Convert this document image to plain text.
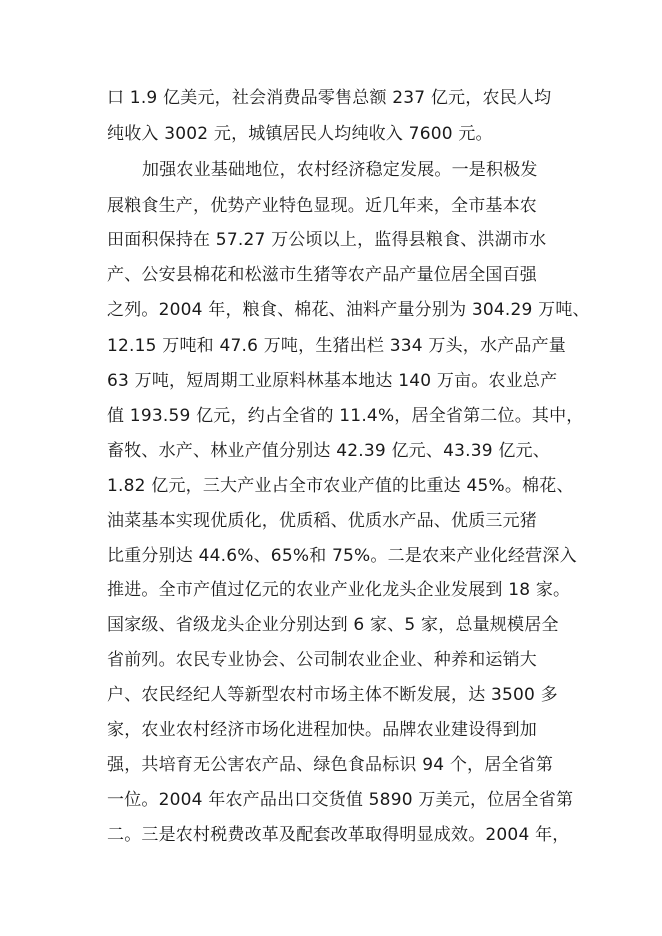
口 1.9 亿美元，社会消费品零售总额 237 亿元，农民人均
纯收入 3002 元，城镇居民人均纯收入 7600 元。
加强农业基础地位，农村经济稳定发展。一是积极发
展粮食生产，优势产业特色显现。近几年来，全市基本农
田面积保持在 57.27 万公顷以上，监得县粮食、洪湖市水
产、公安县棉花和松滋市生猪等农产品产量位居全国百强
之列。2004 年，粮食、棉花、油料产量分别为 304.29 万吨、
12.15 万吨和 47.6 万吨，生猪出栏 334 万头，水产品产量
63 万吨，短周期工业原料林基本地达 140 万亩。农业总产
值 193.59 亿元，约占全省的 11.4%，居全省第二位。其中，
畜牧、水产、林业产值分别达 42.39 亿元、43.39 亿元、
1.82 亿元，三大产业占全市农业产值的比重达 45%。棉花、
油菜基本实现优质化，优质稻、优质水产品、优质三元猪
比重分别达 44.6%、65%和 75%。二是农来产业化经营深入
推进。全市产值过亿元的农业产业化龙头企业发展到 18 家。
国家级、省级龙头企业分别达到 6 家、5 家，总量规模居全
省前列。农民专业协会、公司制农业企业、种养和运销大
户、农民经纪人等新型农村市场主体不断发展，达 3500 多
家，农业农村经济市场化进程加快。品牌农业建设得到加
强，共培育无公害农产品、绿色食品标识 94 个，居全省第
一位。2004 年农产品出口交货值 5890 万美元，位居全省第
二。三是农村税费改革及配套改革取得明显成效。2004 年，
